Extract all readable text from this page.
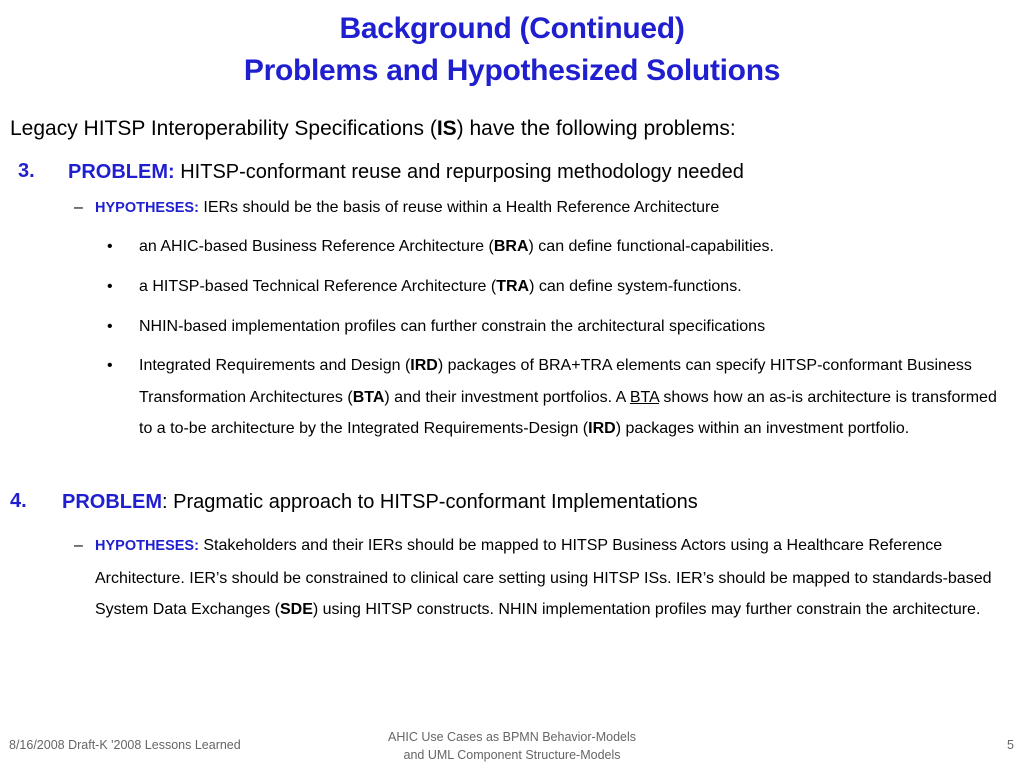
Background (Continued)
Problems and Hypothesized Solutions
Legacy HITSP Interoperability Specifications (IS) have the following problems:
3. PROBLEM: HITSP-conformant reuse and repurposing methodology needed
– HYPOTHESES: IERs should be the basis of reuse within a Health Reference Architecture
• an AHIC-based Business Reference Architecture (BRA) can define functional-capabilities.
• a HITSP-based Technical Reference Architecture (TRA) can define system-functions.
• NHIN-based implementation profiles can further constrain the architectural specifications
• Integrated Requirements and Design (IRD) packages of BRA+TRA elements can specify HITSP-conformant Business Transformation Architectures (BTA) and their investment portfolios. A BTA shows how an as-is architecture is transformed to a to-be architecture by the Integrated Requirements-Design (IRD) packages within an investment portfolio.
4. PROBLEM: Pragmatic approach to HITSP-conformant Implementations
– HYPOTHESES: Stakeholders and their IERs should be mapped to HITSP Business Actors using a Healthcare Reference Architecture. IER’s should be constrained to clinical care setting using HITSP ISs. IER’s should be mapped to standards-based System Data Exchanges (SDE) using HITSP constructs. NHIN implementation profiles may further constrain the architecture.
8/16/2008 Draft-K '2008 Lessons Learned
AHIC Use Cases as BPMN Behavior-Models
and UML Component Structure-Models
5
